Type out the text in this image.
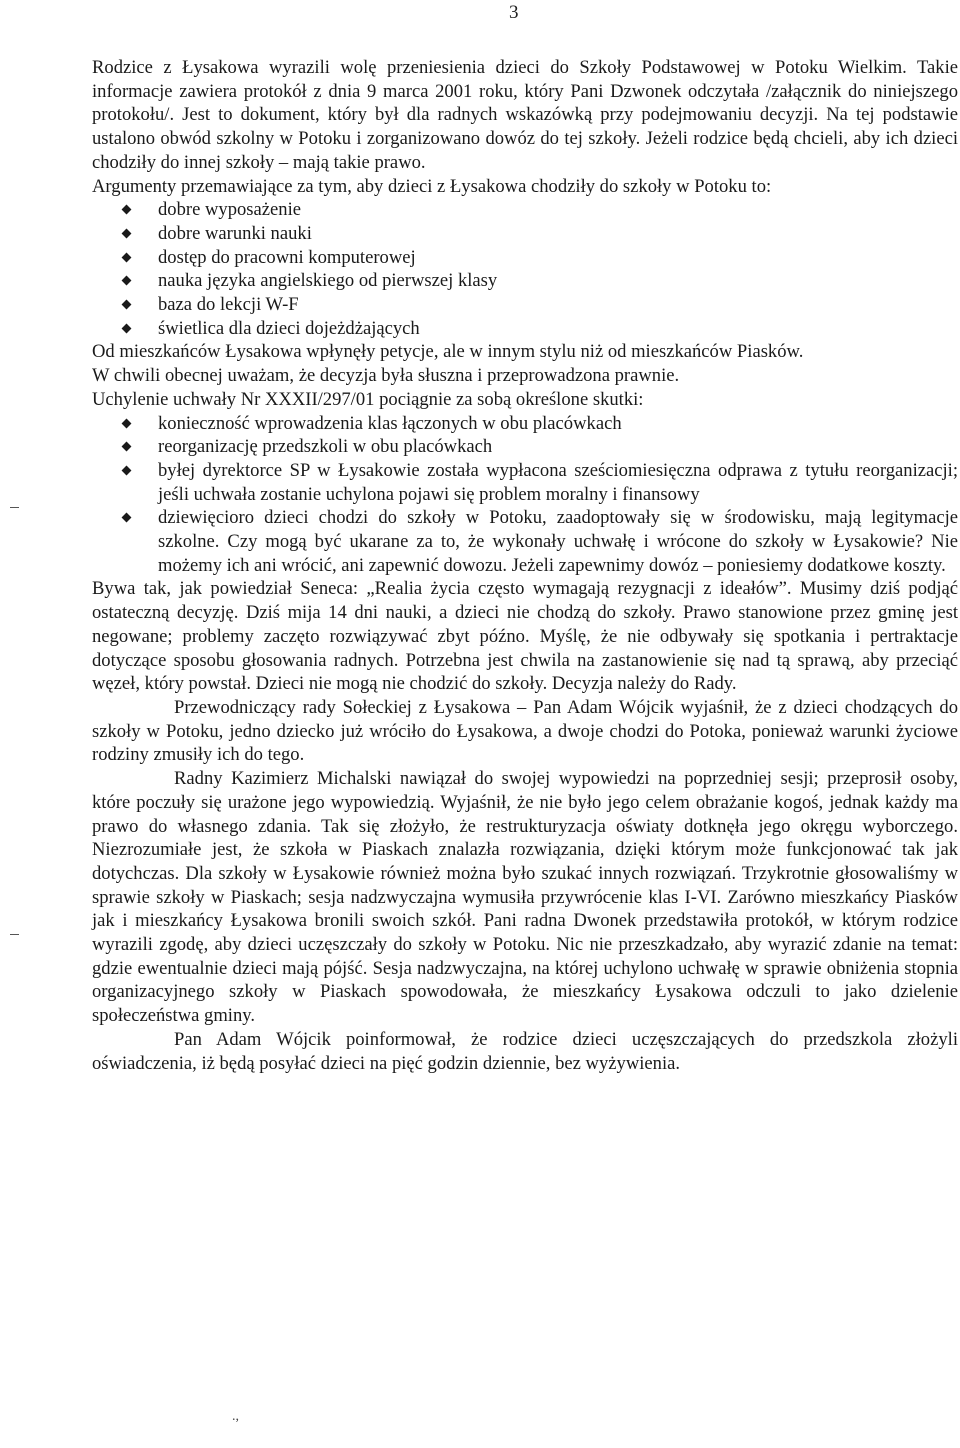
3

Rodzice z Łysakowa wyrazili wolę przeniesienia dzieci do Szkoły Podstawowej w Potoku Wielkim. Takie informacje zawiera protokół z dnia 9 marca 2001 roku, który Pani Dzwonek odczytała /załącznik do niniejszego protokołu/. Jest to dokument, który był dla radnych wskazówką przy podejmowaniu decyzji. Na tej podstawie ustalono obwód szkolny w Potoku i zorganizowano dowóz do tej szkoły. Jeżeli rodzice będą chcieli, aby ich dzieci chodziły do innej szkoły – mają takie prawo.

Argumenty przemawiające za tym, aby dzieci z Łysakowa chodziły do szkoły w Potoku to:

dobre wyposażenie
dobre warunki nauki
dostęp do pracowni komputerowej
nauka języka angielskiego od pierwszej klasy
baza do lekcji W-F
świetlica dla dzieci dojeżdżających

Od mieszkańców Łysakowa wpłynęły petycje, ale w innym stylu niż od mieszkańców Piasków.

W chwili obecnej uważam, że decyzja była słuszna i przeprowadzona prawnie.

Uchylenie uchwały Nr XXXII/297/01 pociągnie za sobą określone skutki:

konieczność wprowadzenia klas łączonych w obu placówkach
reorganizację przedszkoli w obu placówkach
byłej dyrektorce SP w Łysakowie została wypłacona sześciomiesięczna odprawa z tytułu reorganizacji; jeśli uchwała zostanie uchylona pojawi się problem moralny i finansowy
dziewięcioro dzieci chodzi do szkoły w Potoku, zaadoptowały się w środowisku, mają legitymacje szkolne. Czy mogą być ukarane za to, że wykonały uchwałę i wrócone do szkoły w Łysakowie? Nie możemy ich ani wrócić, ani zapewnić dowozu. Jeżeli zapewnimy dowóz – poniesiemy dodatkowe koszty.

Bywa tak, jak powiedział Seneca: „Realia życia często wymagają rezygnacji z ideałów”. Musimy dziś podjąć ostateczną decyzję. Dziś mija 14 dni nauki, a dzieci nie chodzą do szkoły. Prawo stanowione przez gminę jest negowane; problemy zaczęto rozwiązywać zbyt późno. Myślę, że nie odbywały się spotkania i pertraktacje dotyczące sposobu głosowania radnych. Potrzebna jest chwila na zastanowienie się nad tą sprawą, aby przeciąć węzeł, który powstał. Dzieci nie mogą nie chodzić do szkoły. Decyzja należy do Rady.

Przewodniczący rady Sołeckiej z Łysakowa – Pan Adam Wójcik wyjaśnił, że z dzieci chodzących do szkoły w Potoku, jedno dziecko już wróciło do Łysakowa, a dwoje chodzi do Potoka, ponieważ warunki życiowe rodziny zmusiły ich do tego.

Radny Kazimierz Michalski nawiązał do swojej wypowiedzi na poprzedniej sesji; przeprosił osoby, które poczuły się urażone jego wypowiedzią. Wyjaśnił, że nie było jego celem obrażanie kogoś, jednak każdy ma prawo do własnego zdania. Tak się złożyło, że restrukturyzacja oświaty dotknęła jego okręgu wyborczego. Niezrozumiałe jest, że szkoła w Piaskach znalazła rozwiązania, dzięki którym może funkcjonować tak jak dotychczas. Dla szkoły w Łysakowie również można było szukać innych rozwiązań. Trzykrotnie głosowaliśmy w sprawie szkoły w Piaskach; sesja nadzwyczajna wymusiła przywrócenie klas I-VI. Zarówno mieszkańcy Piasków jak i mieszkańcy Łysakowa bronili swoich szkół. Pani radna Dwonek przedstawiła protokół, w którym rodzice wyrazili zgodę, aby dzieci uczęszczały do szkoły w Potoku. Nic nie przeszkadzało, aby wyrazić zdanie na temat: gdzie ewentualnie dzieci mają pójść. Sesja nadzwyczajna, na której uchylono uchwałę w sprawie obniżenia stopnia organizacyjnego szkoły w Piaskach spowodowała, że mieszkańcy Łysakowa odczuli to jako dzielenie społeczeństwa gminy.

Pan Adam Wójcik poinformował, że rodzice dzieci uczęszczających do przedszkola złożyli oświadczenia, iż będą posyłać dzieci na pięć godzin dziennie, bez wyżywienia.

.,
